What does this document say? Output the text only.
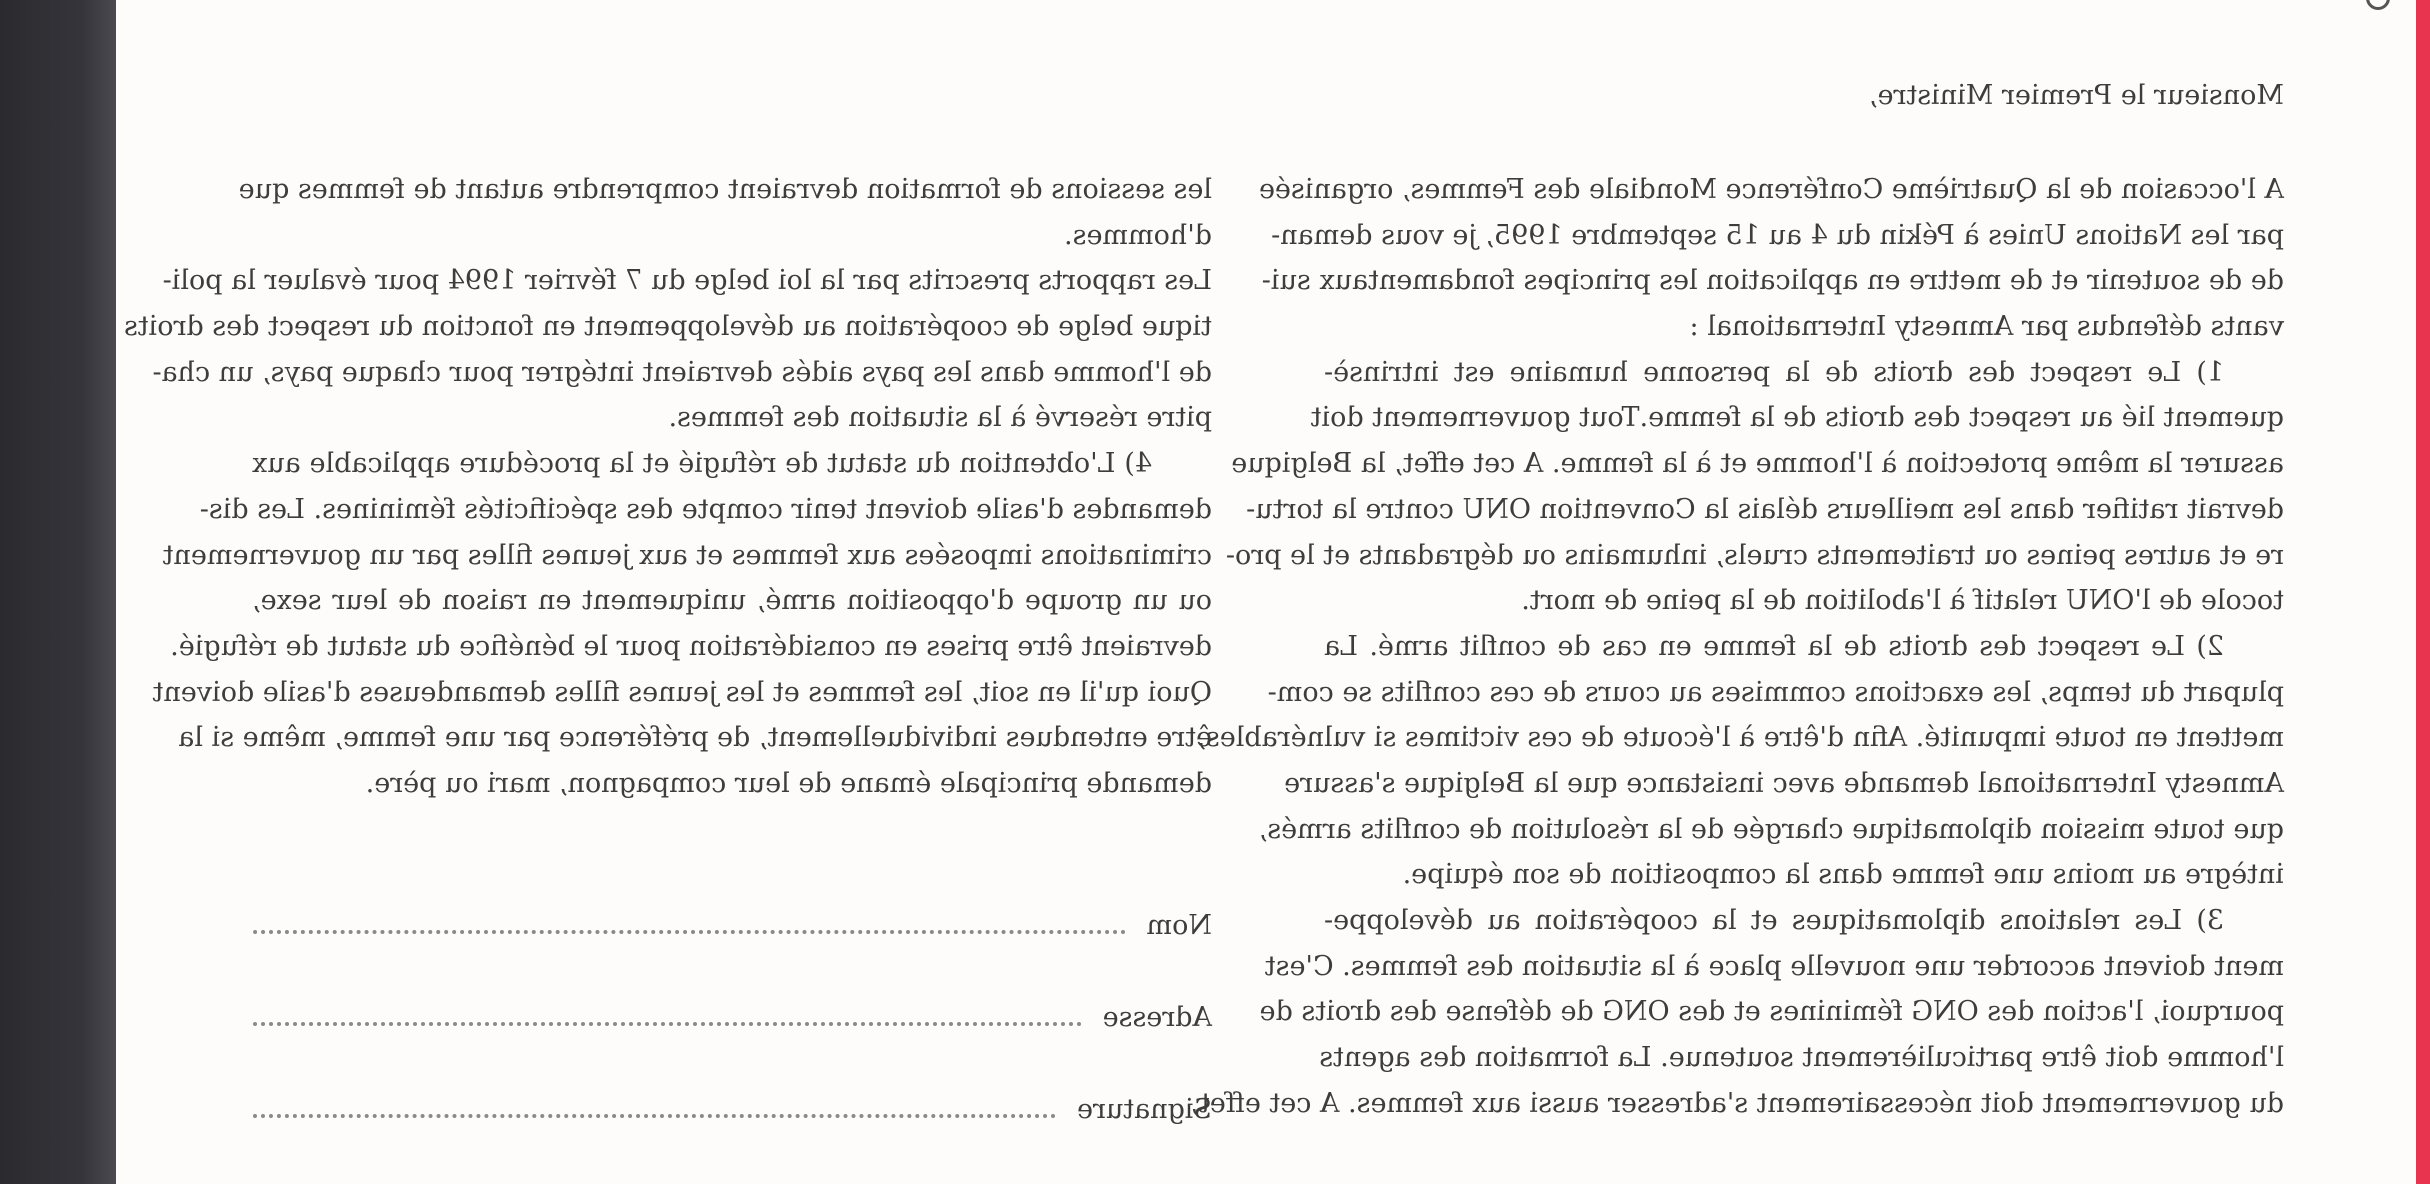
Monsieur le Premier Ministre,
A l'occasion de la Quatrième Conférence Mondiale des Femmes, organisée
par les Nations Unies à Pékin du 4 au 15 septembre 1995, je vous deman-
de de soutenir et de mettre en application les principes fondamentaux sui-
vants défendus par Amnesty International :
1) Le respect des droits de la personne humaine est intrinsè-
quement lié au respect des droits de la femme.Tout gouvernement doit
assurer la même protection à l'homme et à la femme. A cet effet, la Belgique
devrait ratifier dans les meilleurs délais la Convention ONU contre la tortu-
re et autres peines ou traitements cruels, inhumains ou dégradants et le pro-
tocole de l'ONU relatif à l'abolition de la peine de mort.
2) Le respect des droits de la femme en cas de conflit armé. La
plupart du temps, les exactions commises au cours de ces conflits se com-
mettent en toute impunité. Afin d'être à l'écoute de ces victimes si vulnérables,
Amnesty International demande avec insistance que la Belgique s'assure
que toute mission diplomatique chargée de la résolution de conflits armés,
intègre au moins une femme dans la composition de son équipe.
3) Les relations diplomatiques et la coopération au développe-
ment doivent accorder une nouvelle place à la situation des femmes. C'est
pourquoi, l'action des ONG féminines et des ONG de défense des droits de
l'homme doit être particulièrement soutenue. La formation des agents
du gouvernement doit nécessairement s'adresser aussi aux femmes. A cet effet,
les sessions de formation devraient comprendre autant de femmes que
d'hommes.
Les rapports prescrits par la loi belge du 7 février 1994 pour évaluer la poli-
tique belge de coopération au développement en fonction du respect des droits
de l'homme dans les pays aidés devraient intégrer pour chaque pays, un cha-
pitre réservé à la situation des femmes.
4) L'obtention du statut de réfugié et la procédure applicable aux
demandes d'asile doivent tenir compte des spécificités féminines. Les dis-
criminations imposées aux femmes et aux jeunes filles par un gouvernement
ou un groupe d'opposition armé, uniquement en raison de leur sexe,
devraient être prises en considération pour le bénéfice du statut de réfugié.
Quoi qu'il en soit, les femmes et les jeunes filles demandeuses d'asile doivent
être entendues individuellement, de préférence par une femme, même si la
demande principale émane de leur compagnon, mari ou père.
Nom
Adresse
Signature
